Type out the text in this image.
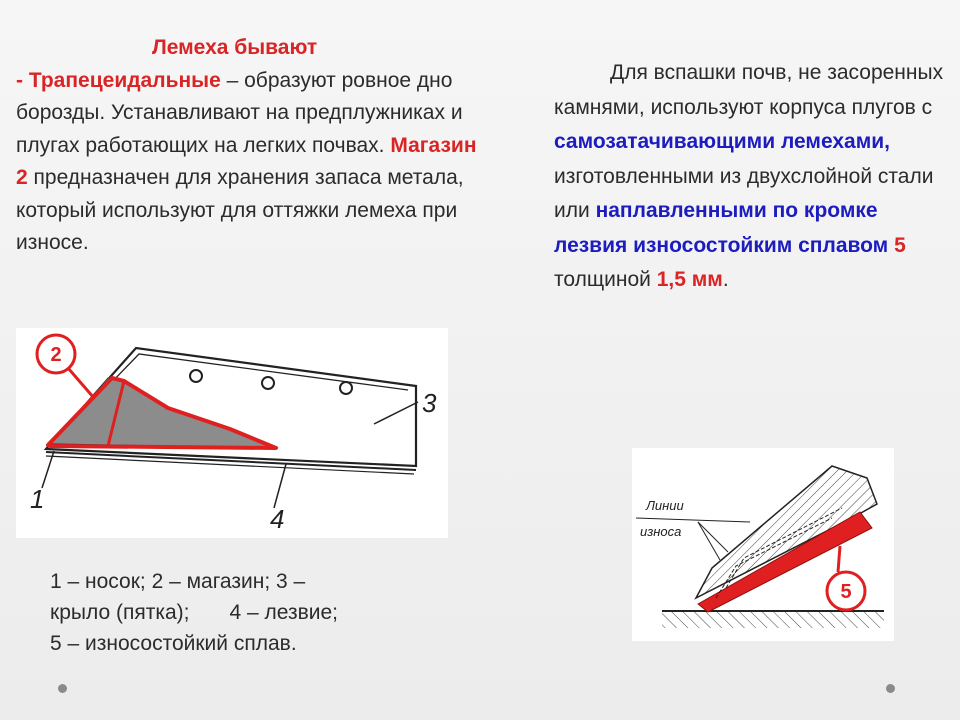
Лемеха бывают
- Трапецеидальные – образуют ровное дно борозды. Устанавливают на предплужниках и плугах работающих на легких почвах. Магазин 2 предназначен для хранения запаса метала, который используют для оттяжки лемеха при износе.
Для вспашки почв, не засоренных камнями, используют корпуса плугов с самозатачивающими лемехами, изготовленными из двухслойной стали или наплавленными по кромке лезвия износостойким сплавом 5 толщиной 1,5 мм.
2
1
3
4	Линии
износа
5
1 – носок; 2 – магазин; 3 –
крыло (пятка); 4 – лезвие;
5 – износостойкий сплав.
